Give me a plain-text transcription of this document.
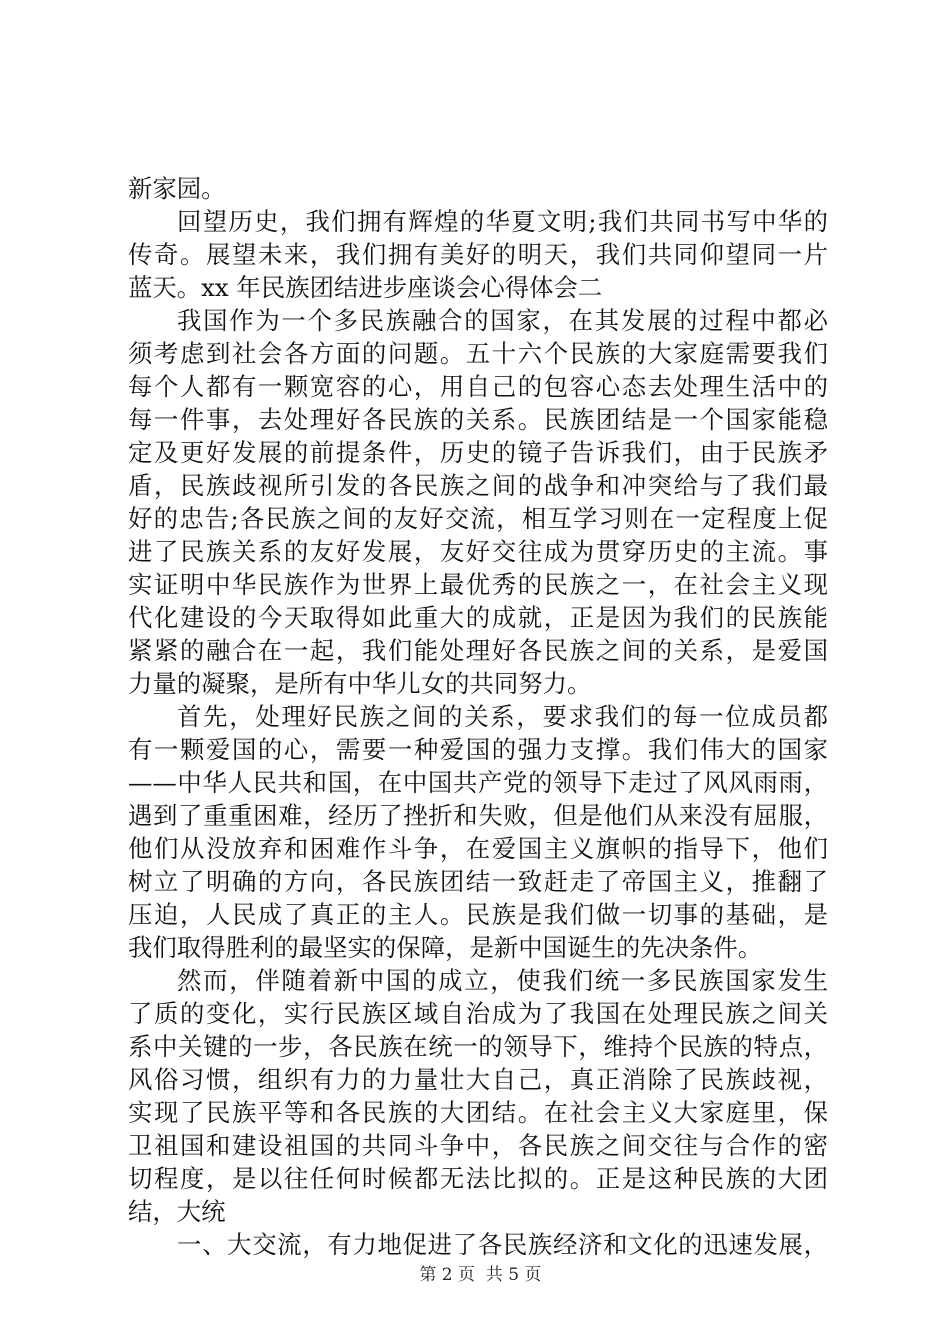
新家园。
回望历史，我们拥有辉煌的华夏文明;我们共同书写中华的
传奇。展望未来，我们拥有美好的明天，我们共同仰望同一片
蓝天。xx 年民族团结进步座谈会心得体会二
我国作为一个多民族融合的国家，在其发展的过程中都必
须考虑到社会各方面的问题。五十六个民族的大家庭需要我们
每个人都有一颗宽容的心，用自己的包容心态去处理生活中的
每一件事，去处理好各民族的关系。民族团结是一个国家能稳
定及更好发展的前提条件，历史的镜子告诉我们，由于民族矛
盾，民族歧视所引发的各民族之间的战争和冲突给与了我们最
好的忠告;各民族之间的友好交流，相互学习则在一定程度上促
进了民族关系的友好发展，友好交往成为贯穿历史的主流。事
实证明中华民族作为世界上最优秀的民族之一，在社会主义现
代化建设的今天取得如此重大的成就，正是因为我们的民族能
紧紧的融合在一起，我们能处理好各民族之间的关系，是爱国
力量的凝聚，是所有中华儿女的共同努力。
首先，处理好民族之间的关系，要求我们的每一位成员都
有一颗爱国的心，需要一种爱国的强力支撑。我们伟大的国家
——中华人民共和国，在中国共产党的领导下走过了风风雨雨，
遇到了重重困难，经历了挫折和失败，但是他们从来没有屈服，
他们从没放弃和困难作斗争，在爱国主义旗帜的指导下，他们
树立了明确的方向，各民族团结一致赶走了帝国主义，推翻了
压迫，人民成了真正的主人。民族是我们做一切事的基础，是
我们取得胜利的最坚实的保障，是新中国诞生的先决条件。
然而，伴随着新中国的成立，使我们统一多民族国家发生
了质的变化，实行民族区域自治成为了我国在处理民族之间关
系中关键的一步，各民族在统一的领导下，维持个民族的特点，
风俗习惯，组织有力的力量壮大自己，真正消除了民族歧视，
实现了民族平等和各民族的大团结。在社会主义大家庭里，保
卫祖国和建设祖国的共同斗争中，各民族之间交往与合作的密
切程度，是以往任何时候都无法比拟的。正是这种民族的大团
结，大统
一、大交流，有力地促进了各民族经济和文化的迅速发展，

第 2 页  共 5 页
